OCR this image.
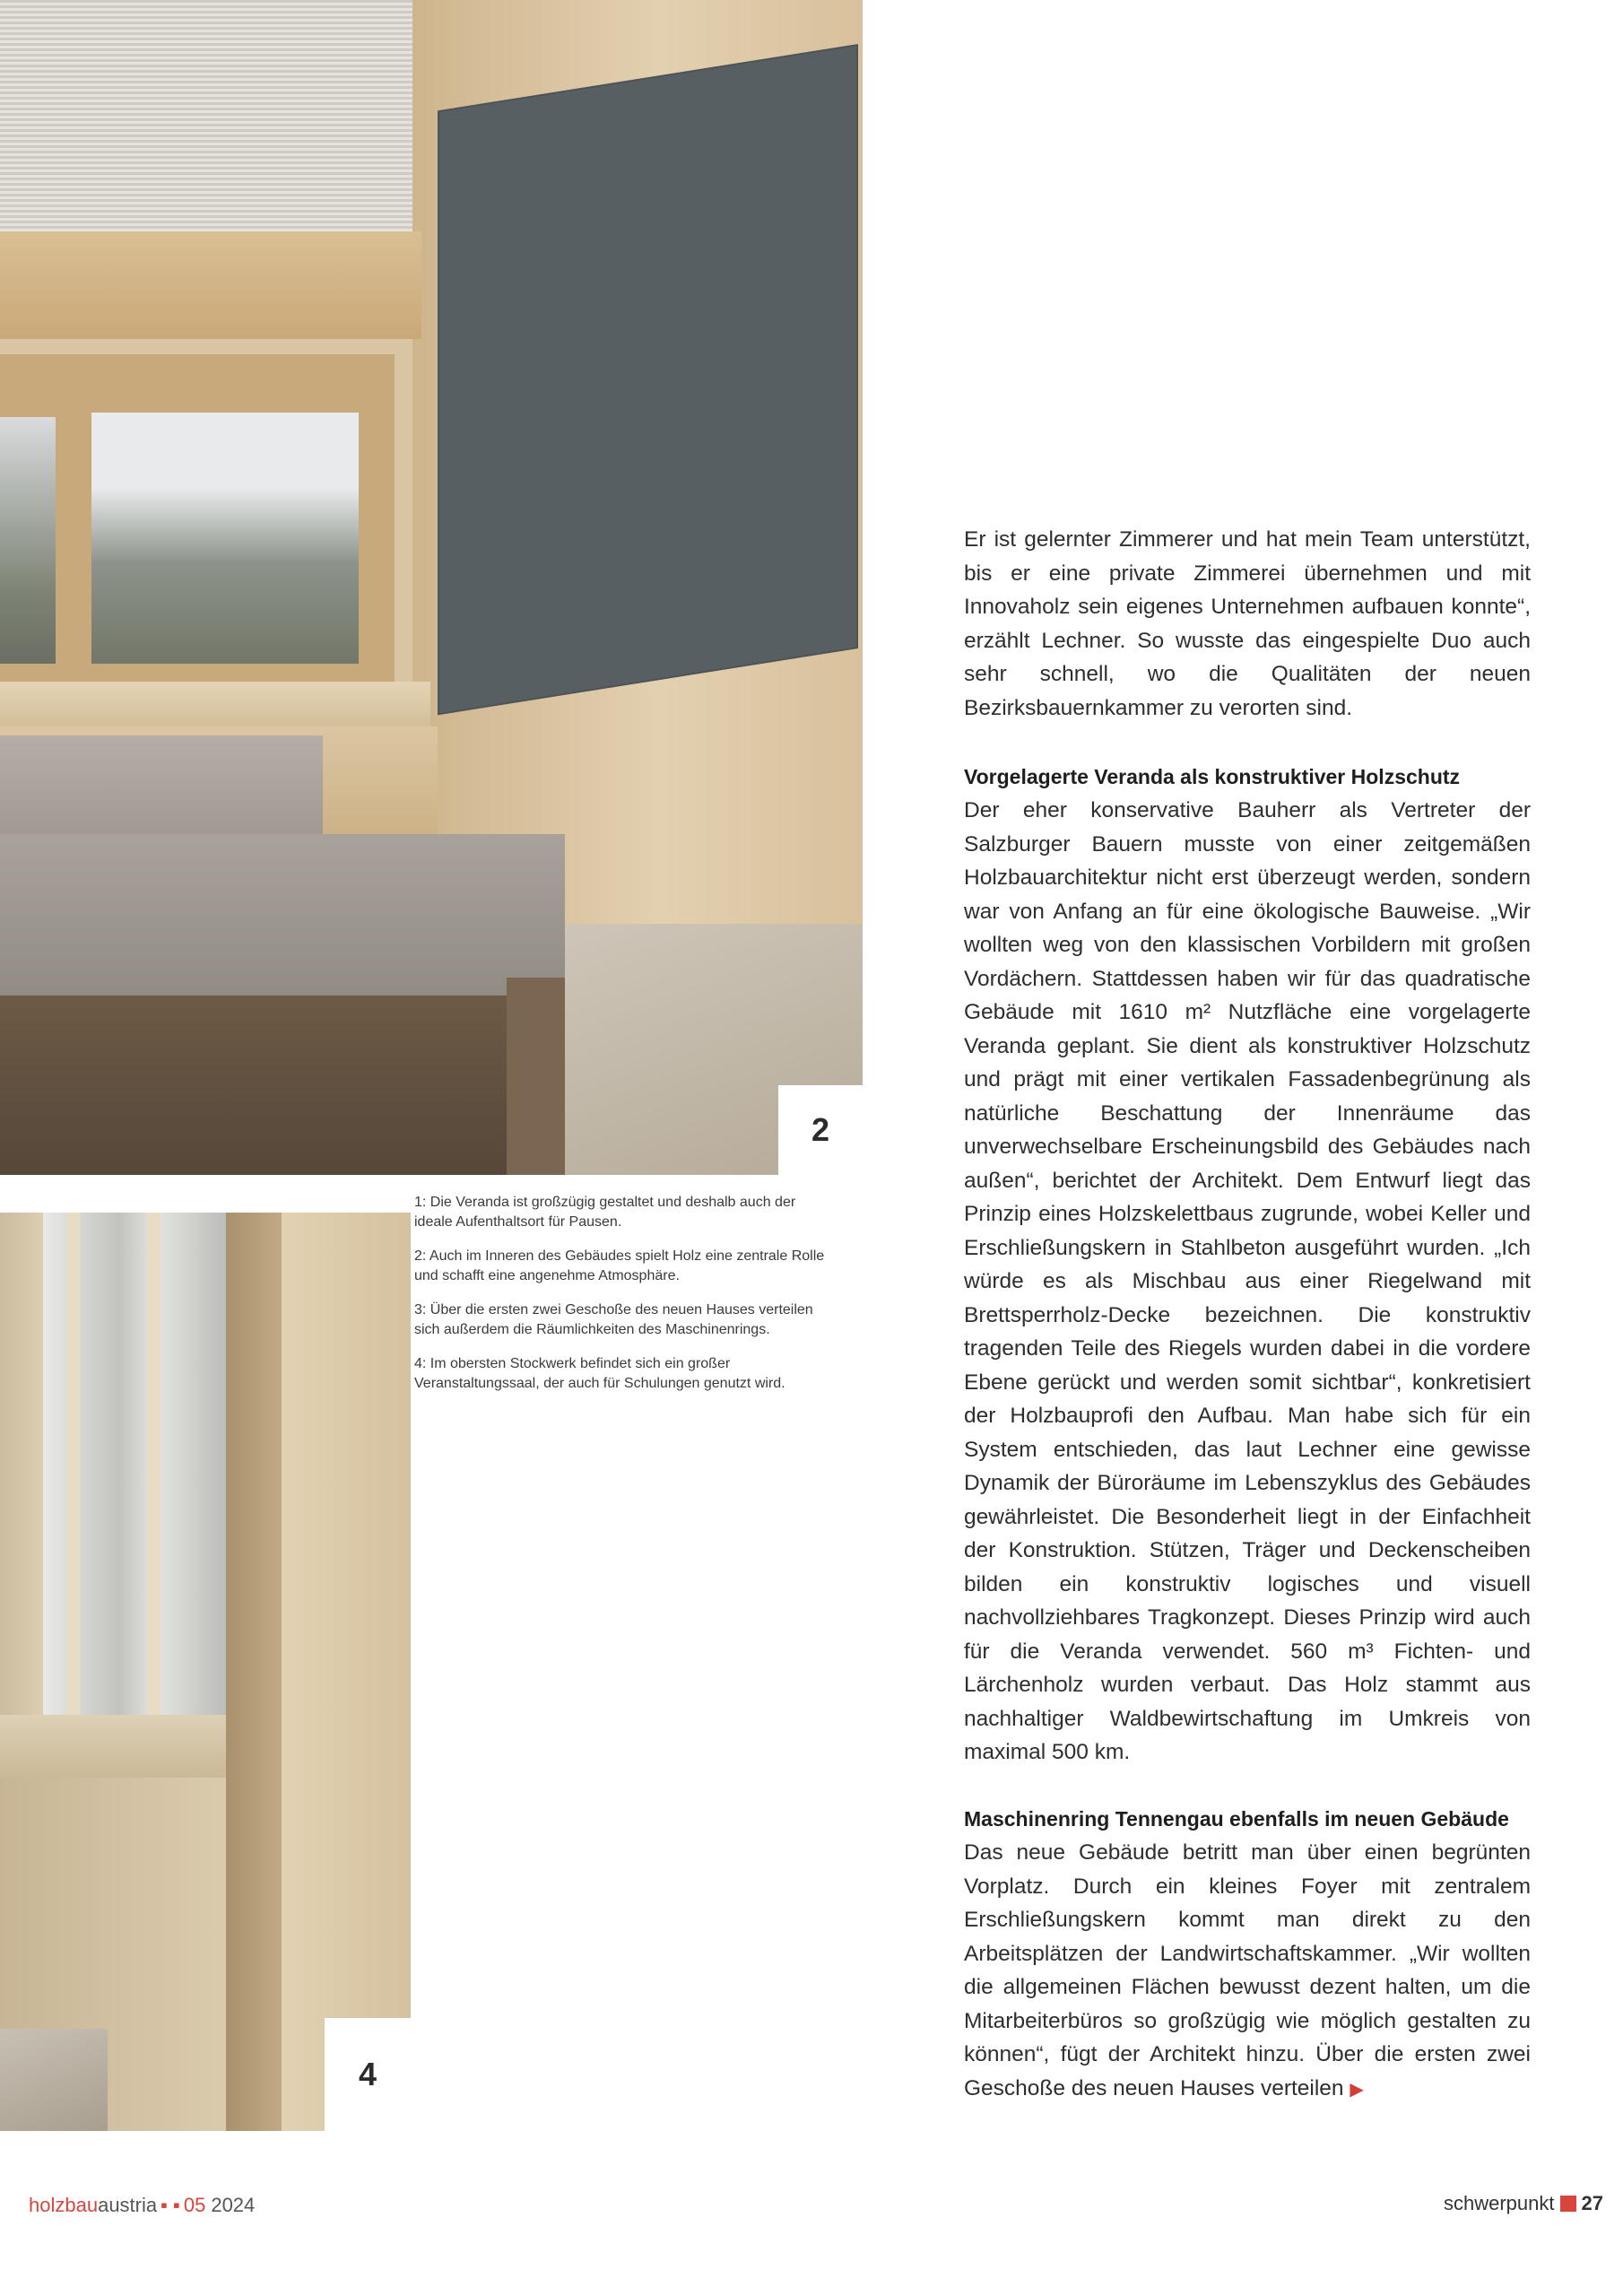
2
4

1: Die Veranda ist großzügig gestaltet und deshalb auch der ideale Aufenthaltsort für Pausen.

2: Auch im Inneren des Gebäudes spielt Holz eine zentrale Rolle und schafft eine angenehme Atmosphäre.

3: Über die ersten zwei Geschoße des neuen Hauses verteilen sich außerdem die Räumlichkeiten des Maschinenrings.

4: Im obersten Stockwerk befindet sich ein großer Veranstaltungssaal, der auch für Schulungen genutzt wird.

Er ist gelernter Zimmerer und hat mein Team unterstützt, bis er eine private Zimmerei übernehmen und mit Innovaholz sein eigenes Unternehmen aufbauen konnte“, erzählt Lechner. So wusste das eingespielte Duo auch sehr schnell, wo die Qualitäten der neuen Bezirksbauernkammer zu verorten sind.

Vorgelagerte Veranda als konstruktiver Holzschutz

Der eher konservative Bauherr als Vertreter der Salzburger Bauern musste von einer zeitgemäßen Holzbauarchitektur nicht erst überzeugt werden, sondern war von Anfang an für eine ökologische Bauweise. „Wir wollten weg von den klassischen Vorbildern mit großen Vordächern. Stattdessen haben wir für das quadratische Gebäude mit 1610 m² Nutzfläche eine vorgelagerte Veranda geplant. Sie dient als konstruktiver Holzschutz und prägt mit einer vertikalen Fassadenbegrünung als natürliche Beschattung der Innenräume das unverwechselbare Erscheinungsbild des Gebäudes nach außen“, berichtet der Architekt. Dem Entwurf liegt das Prinzip eines Holzskelettbaus zugrunde, wobei Keller und Erschließungskern in Stahlbeton ausgeführt wurden. „Ich würde es als Mischbau aus einer Riegelwand mit Brettsperrholz-Decke bezeichnen. Die konstruktiv tragenden Teile des Riegels wurden dabei in die vordere Ebene gerückt und werden somit sichtbar“, konkretisiert der Holzbauprofi den Aufbau. Man habe sich für ein System entschieden, das laut Lechner eine gewisse Dynamik der Büroräume im Lebenszyklus des Gebäudes gewährleistet. Die Besonderheit liegt in der Einfachheit der Konstruktion. Stützen, Träger und Deckenscheiben bilden ein konstruktiv logisches und visuell nachvollziehbares Tragkonzept. Dieses Prinzip wird auch für die Veranda verwendet. 560 m³ Fichten- und Lärchenholz wurden verbaut. Das Holz stammt aus nachhaltiger Waldbewirtschaftung im Umkreis von maximal 500 km.

Maschinenring Tennengau ebenfalls im neuen Gebäude

Das neue Gebäude betritt man über einen begrünten Vorplatz. Durch ein kleines Foyer mit zentralem Erschließungskern kommt man direkt zu den Arbeitsplätzen der Landwirtschaftskammer. „Wir wollten die allgemeinen Flächen bewusst dezent halten, um die Mitarbeiterbüros so großzügig wie möglich gestalten zu können“, fügt der Architekt hinzu. Über die ersten zwei Geschoße des neuen Hauses verteilen ▶

holzbauaustria ▪ ▪ 05 2024	schwerpunkt 27
